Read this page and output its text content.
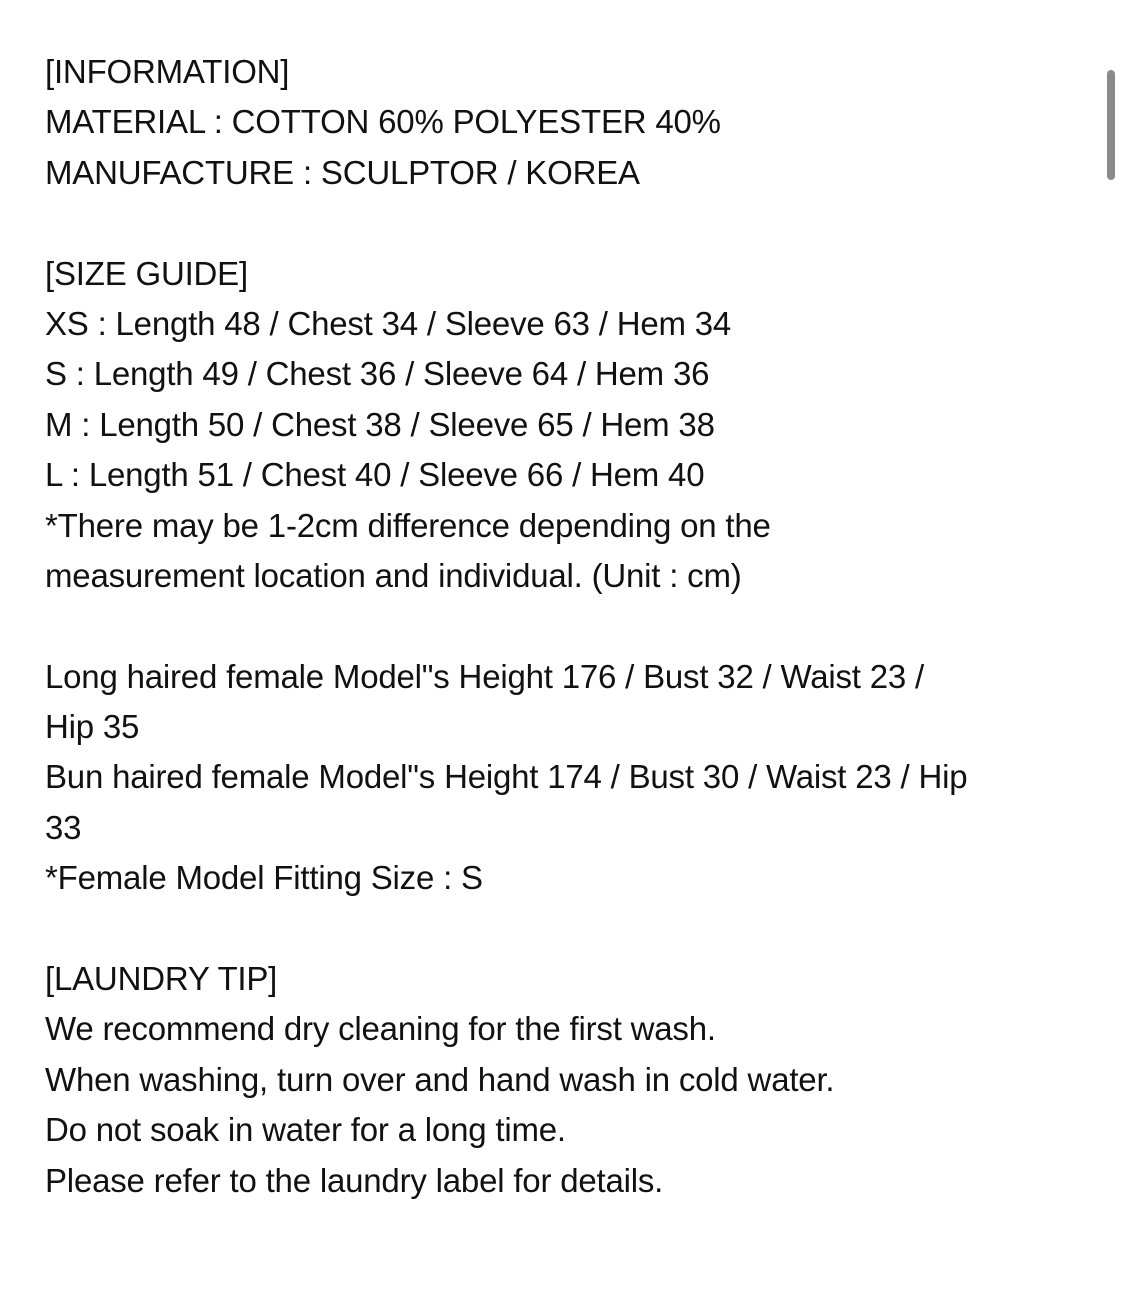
[INFORMATION]
MATERIAL : COTTON 60% POLYESTER 40%
MANUFACTURE : SCULPTOR / KOREA
[SIZE GUIDE]
XS : Length 48 / Chest 34 / Sleeve 63 / Hem 34
S : Length 49 / Chest 36 / Sleeve 64 / Hem 36
M : Length 50 / Chest 38 / Sleeve 65 / Hem 38
L : Length 51 / Chest 40 / Sleeve 66 / Hem 40
*There may be 1-2cm difference depending on the
measurement location and individual. (Unit : cm)
Long haired female Model"s Height 176 / Bust 32 / Waist 23 /
Hip 35
Bun haired female Model"s Height 174 / Bust 30 / Waist 23 / Hip
33
*Female Model Fitting Size : S
[LAUNDRY TIP]
We recommend dry cleaning for the first wash.
When washing, turn over and hand wash in cold water.
Do not soak in water for a long time.
Please refer to the laundry label for details.
